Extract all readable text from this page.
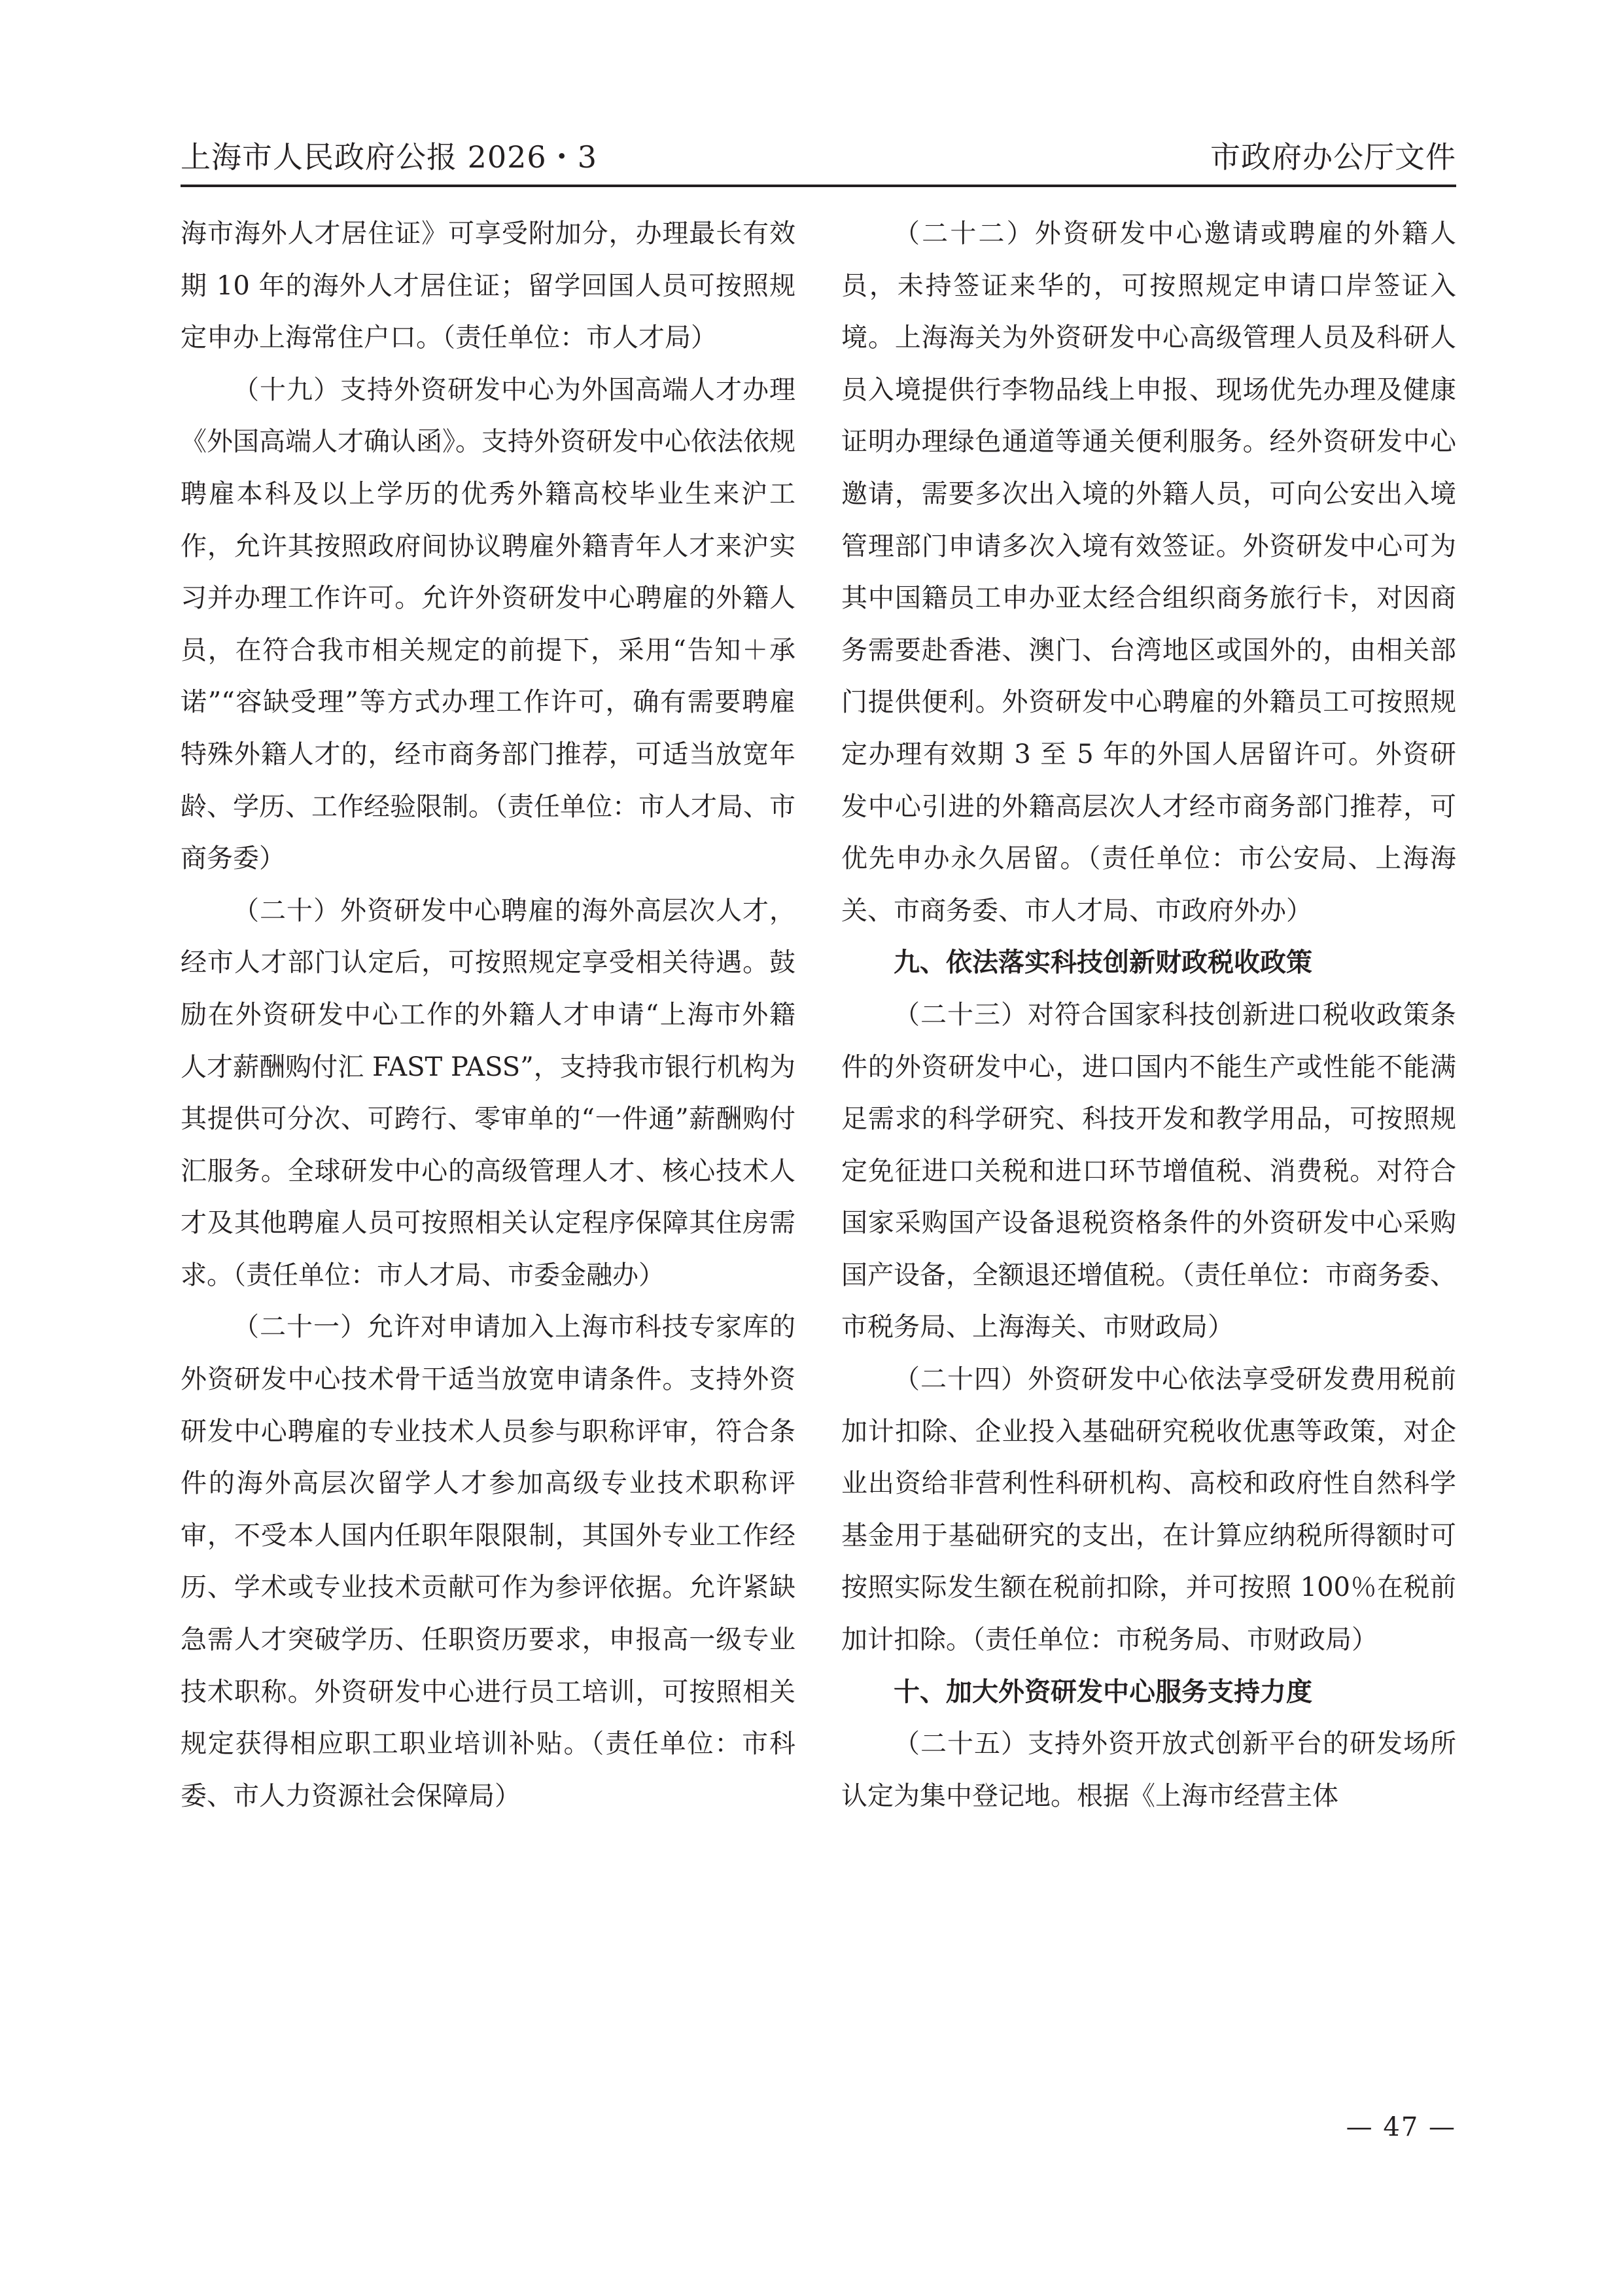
上海市人民政府公报 2026・3	市政府办公厅文件

海市海外人才居住证》可享受附加分，办理最长有效期 10 年的海外人才居住证；留学回国人员可按照规定申办上海常住户口。（责任单位：市人才局）

（十九）支持外资研发中心为外国高端人才办理《外国高端人才确认函》。支持外资研发中心依法依规聘雇本科及以上学历的优秀外籍高校毕业生来沪工作，允许其按照政府间协议聘雇外籍青年人才来沪实习并办理工作许可。允许外资研发中心聘雇的外籍人员，在符合我市相关规定的前提下，采用“告知＋承诺”“容缺受理”等方式办理工作许可，确有需要聘雇特殊外籍人才的，经市商务部门推荐，可适当放宽年龄、学历、工作经验限制。（责任单位：市人才局、市商务委）

（二十）外资研发中心聘雇的海外高层次人才，经市人才部门认定后，可按照规定享受相关待遇。鼓励在外资研发中心工作的外籍人才申请“上海市外籍人才薪酬购付汇 FAST PASS”，支持我市银行机构为其提供可分次、可跨行、零审单的“一件通”薪酬购付汇服务。全球研发中心的高级管理人才、核心技术人才及其他聘雇人员可按照相关认定程序保障其住房需求。（责任单位：市人才局、市委金融办）

（二十一）允许对申请加入上海市科技专家库的外资研发中心技术骨干适当放宽申请条件。支持外资研发中心聘雇的专业技术人员参与职称评审，符合条件的海外高层次留学人才参加高级专业技术职称评审，不受本人国内任职年限限制，其国外专业工作经历、学术或专业技术贡献可作为参评依据。允许紧缺急需人才突破学历、任职资历要求，申报高一级专业技术职称。外资研发中心进行员工培训，可按照相关规定获得相应职工职业培训补贴。（责任单位：市科委、市人力资源社会保障局）

（二十二）外资研发中心邀请或聘雇的外籍人员，未持签证来华的，可按照规定申请口岸签证入境。上海海关为外资研发中心高级管理人员及科研人员入境提供行李物品线上申报、现场优先办理及健康证明办理绿色通道等通关便利服务。经外资研发中心邀请，需要多次出入境的外籍人员，可向公安出入境管理部门申请多次入境有效签证。外资研发中心可为其中国籍员工申办亚太经合组织商务旅行卡，对因商务需要赴香港、澳门、台湾地区或国外的，由相关部门提供便利。外资研发中心聘雇的外籍员工可按照规定办理有效期 3 至 5 年的外国人居留许可。外资研发中心引进的外籍高层次人才经市商务部门推荐，可优先申办永久居留。（责任单位：市公安局、上海海关、市商务委、市人才局、市政府外办）

九、依法落实科技创新财政税收政策

（二十三）对符合国家科技创新进口税收政策条件的外资研发中心，进口国内不能生产或性能不能满足需求的科学研究、科技开发和教学用品，可按照规定免征进口关税和进口环节增值税、消费税。对符合国家采购国产设备退税资格条件的外资研发中心采购国产设备，全额退还增值税。（责任单位：市商务委、市税务局、上海海关、市财政局）

（二十四）外资研发中心依法享受研发费用税前加计扣除、企业投入基础研究税收优惠等政策，对企业出资给非营利性科研机构、高校和政府性自然科学基金用于基础研究的支出，在计算应纳税所得额时可按照实际发生额在税前扣除，并可按照 100％在税前加计扣除。（责任单位：市税务局、市财政局）

十、加大外资研发中心服务支持力度

（二十五）支持外资开放式创新平台的研发场所认定为集中登记地。根据《上海市经营主体

— 47 —
